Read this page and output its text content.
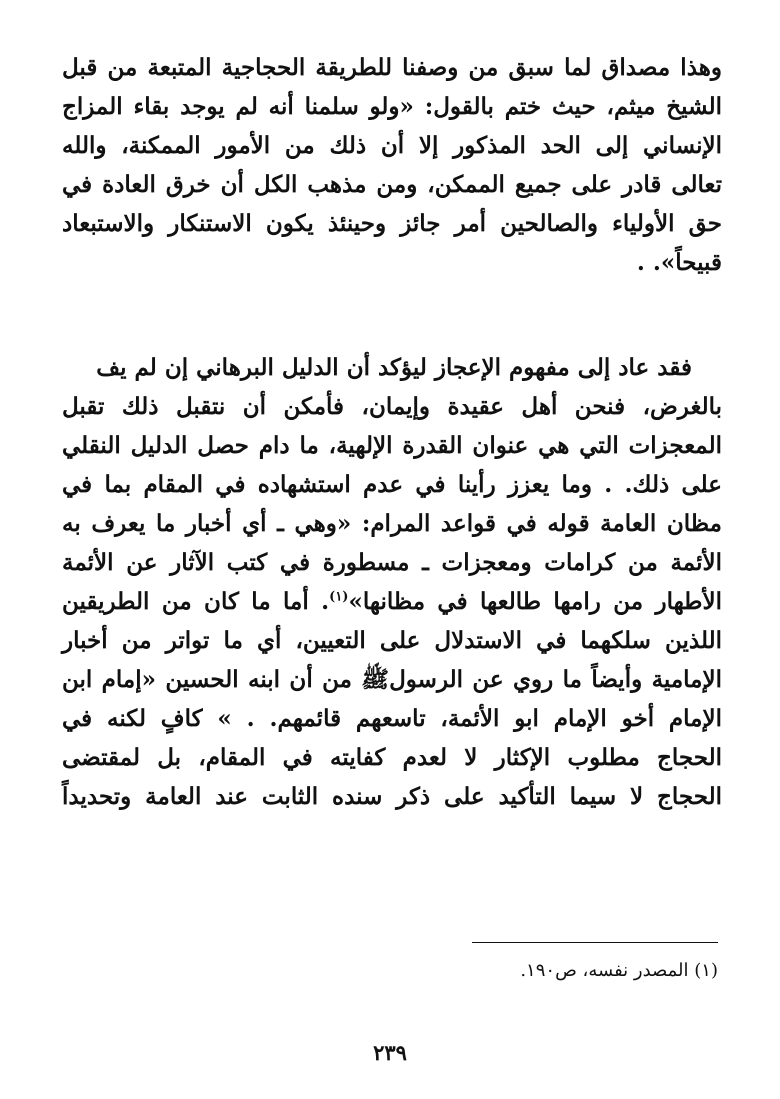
وهذا مصداق لما سبق من وصفنا للطريقة الحجاجية المتبعة من قبل
الشيخ ميثم، حيث ختم بالقول: «ولو سلمنا أنه لم يوجد بقاء المزاج
الإنساني إلى الحد المذكور إلا أن ذلك من الأمور الممكنة، والله
تعالى قادر على جميع الممكن، ومن مذهب الكل أن خرق العادة في
حق الأولياء والصالحين أمر جائز وحينئذ يكون الاستنكار والاستبعاد
قبيحاً». .
فقد عاد إلى مفهوم الإعجاز ليؤكد أن الدليل البرهاني إن لم يف
بالغرض، فنحن أهل عقيدة وإيمان، فأمكن أن نتقبل ذلك تقبل
المعجزات التي هي عنوان القدرة الإلهية، ما دام حصل الدليل النقلي
على ذلك. . وما يعزز رأينا في عدم استشهاده في المقام بما في
مظان العامة قوله في قواعد المرام: «وهي ـ أي أخبار ما يعرف به
الأئمة من كرامات ومعجزات ـ مسطورة في كتب الآثار عن الأئمة
الأطهار من رامها طالعها في مظانها»$^{(١)}$. أما ما كان من الطريقين
اللذين سلكهما في الاستدلال على التعيين، أي ما تواتر من أخبار
الإمامية وأيضاً ما روي عن الرسولﷺ من أن ابنه الحسين «إمام ابن
الإمام أخو الإمام ابو الأئمة، تاسعهم قائمهم. . » كافٍ لكنه في
الحجاج مطلوب الإكثار لا لعدم كفايته في المقام، بل لمقتضى
الحجاج لا سيما التأكيد على ذكر سنده الثابت عند العامة وتحديداً
(١) المصدر نفسه، ص١٩٠.
٢٣٩
